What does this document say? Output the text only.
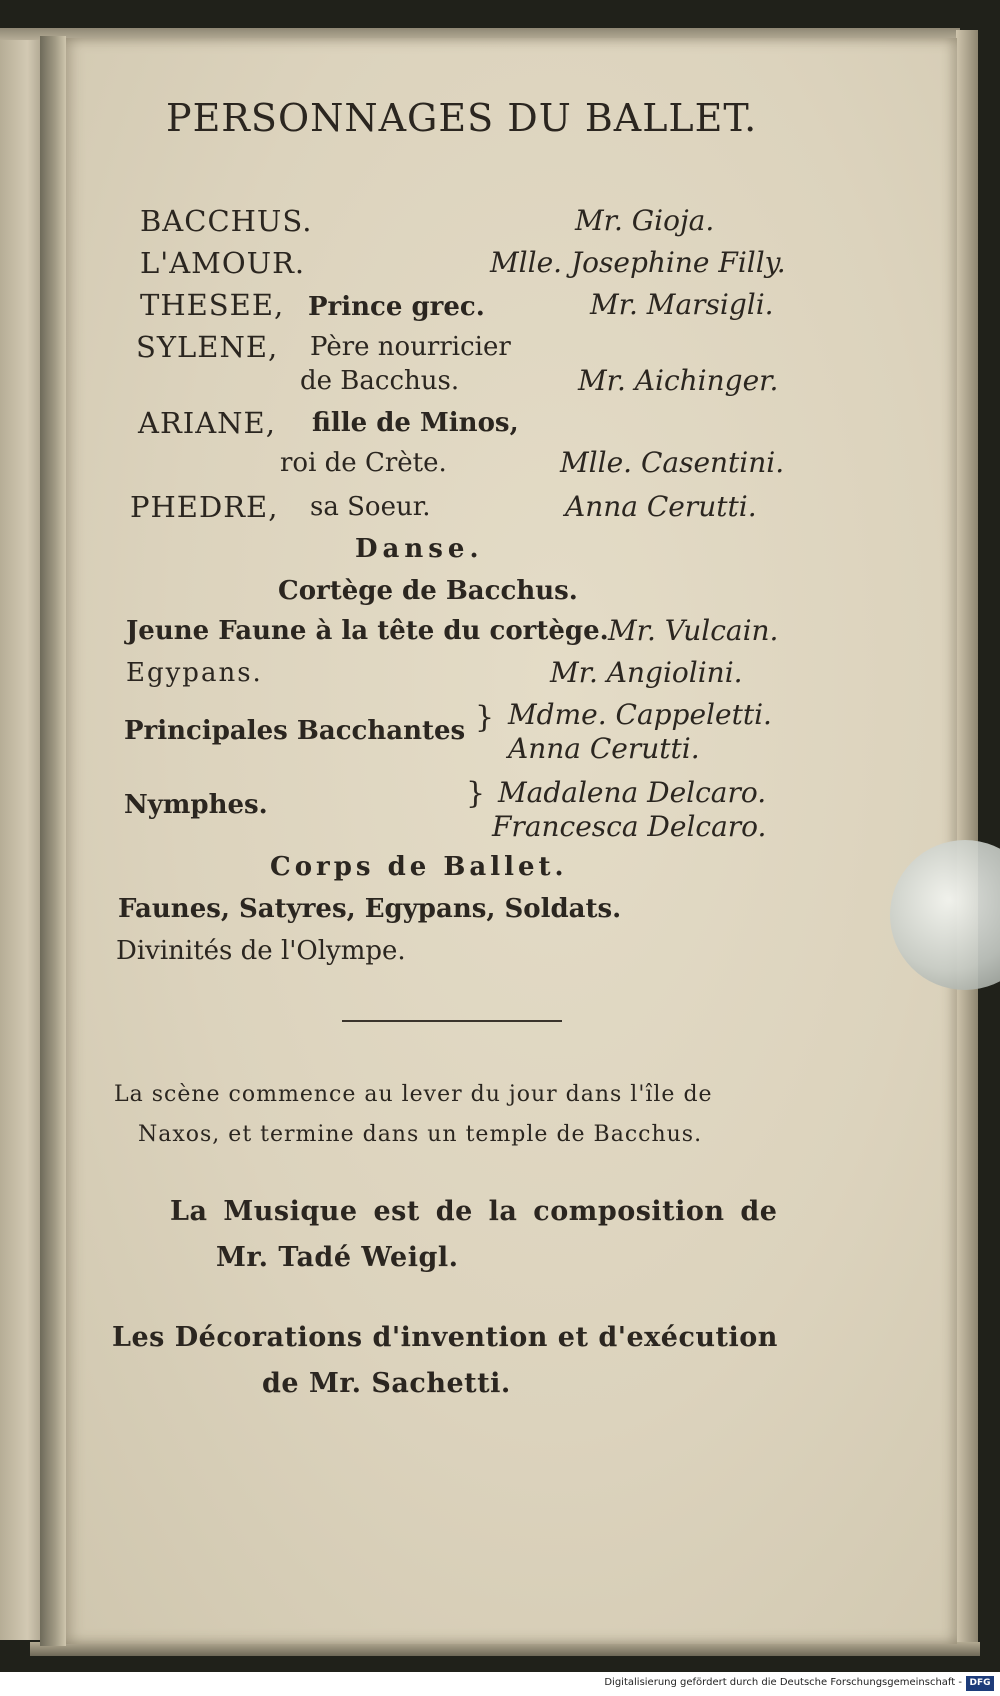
PERSONNAGES DU BALLET.
BACCHUS.	Mr. Gioja.
L'AMOUR.	Mlle. Josephine Filly.
THESEE, Prince grec.	Mr. Marsigli.
SYLENE, Père nourricier
de Bacchus.	Mr. Aichinger.
ARIANE, fille de Minos,
roi de Crète.	Mlle. Casentini.
PHEDRE, sa Soeur.	Anna Cerutti.
Danse.
Cortège de Bacchus.
Jeune Faune à la tête du cortège. Mr. Vulcain.
Egypans.	Mr. Angiolini.
Principales Bacchantes } Mdme. Cappeletti.
Anna Cerutti.
Nymphes.	} Madalena Delcaro.
Francesca Delcaro.
Corps de Ballet.
Faunes, Satyres, Egypans, Soldats.
Divinités de l'Olympe.
La scène commence au lever du jour dans l'île de
Naxos, et termine dans un temple de Bacchus.
La Musique est de la composition de
Mr. Tadé Weigl.
Les Décorations d'invention et d'exécution
de Mr. Sachetti.
Digitalisierung gefördert durch die Deutsche Forschungsgemeinschaft - DFG
